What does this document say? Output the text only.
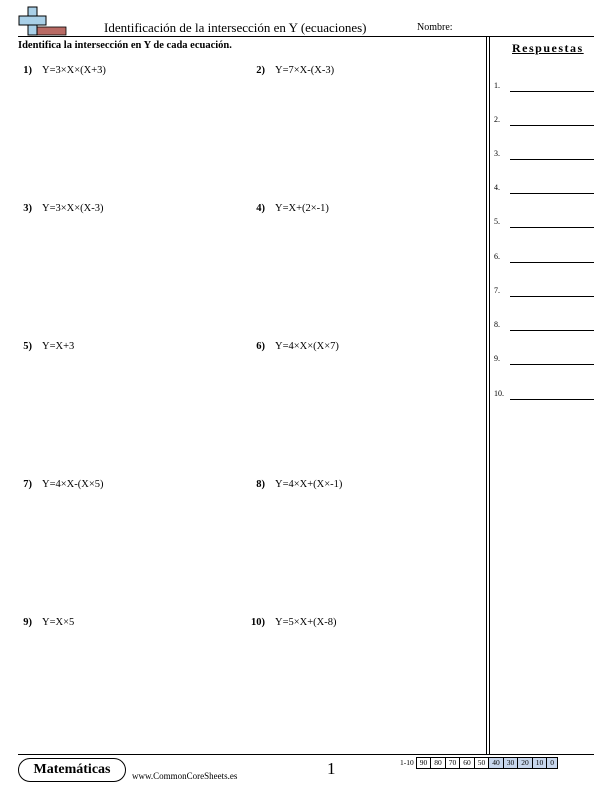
Identificación de la intersección en Y (ecuaciones)	Nombre:
Identifica la intersección en Y de cada ecuación.
1) Y=3×X×(X+3)	2) Y=7×X-(X-3)
3) Y=3×X×(X-3)	4) Y=X+(2×-1)
5) Y=X+3	6) Y=4×X×(X×7)
7) Y=4×X-(X×5)	8) Y=4×X+(X×-1)
9) Y=X×5	10) Y=5×X+(X-8)
Respuestas
1.
2.
3.
4.
5.
6.
7.
8.
9.
10.
Matemáticas	www.CommonCoreSheets.es	1	1-10 90 80 70 60 50 40 30 20 10 0
